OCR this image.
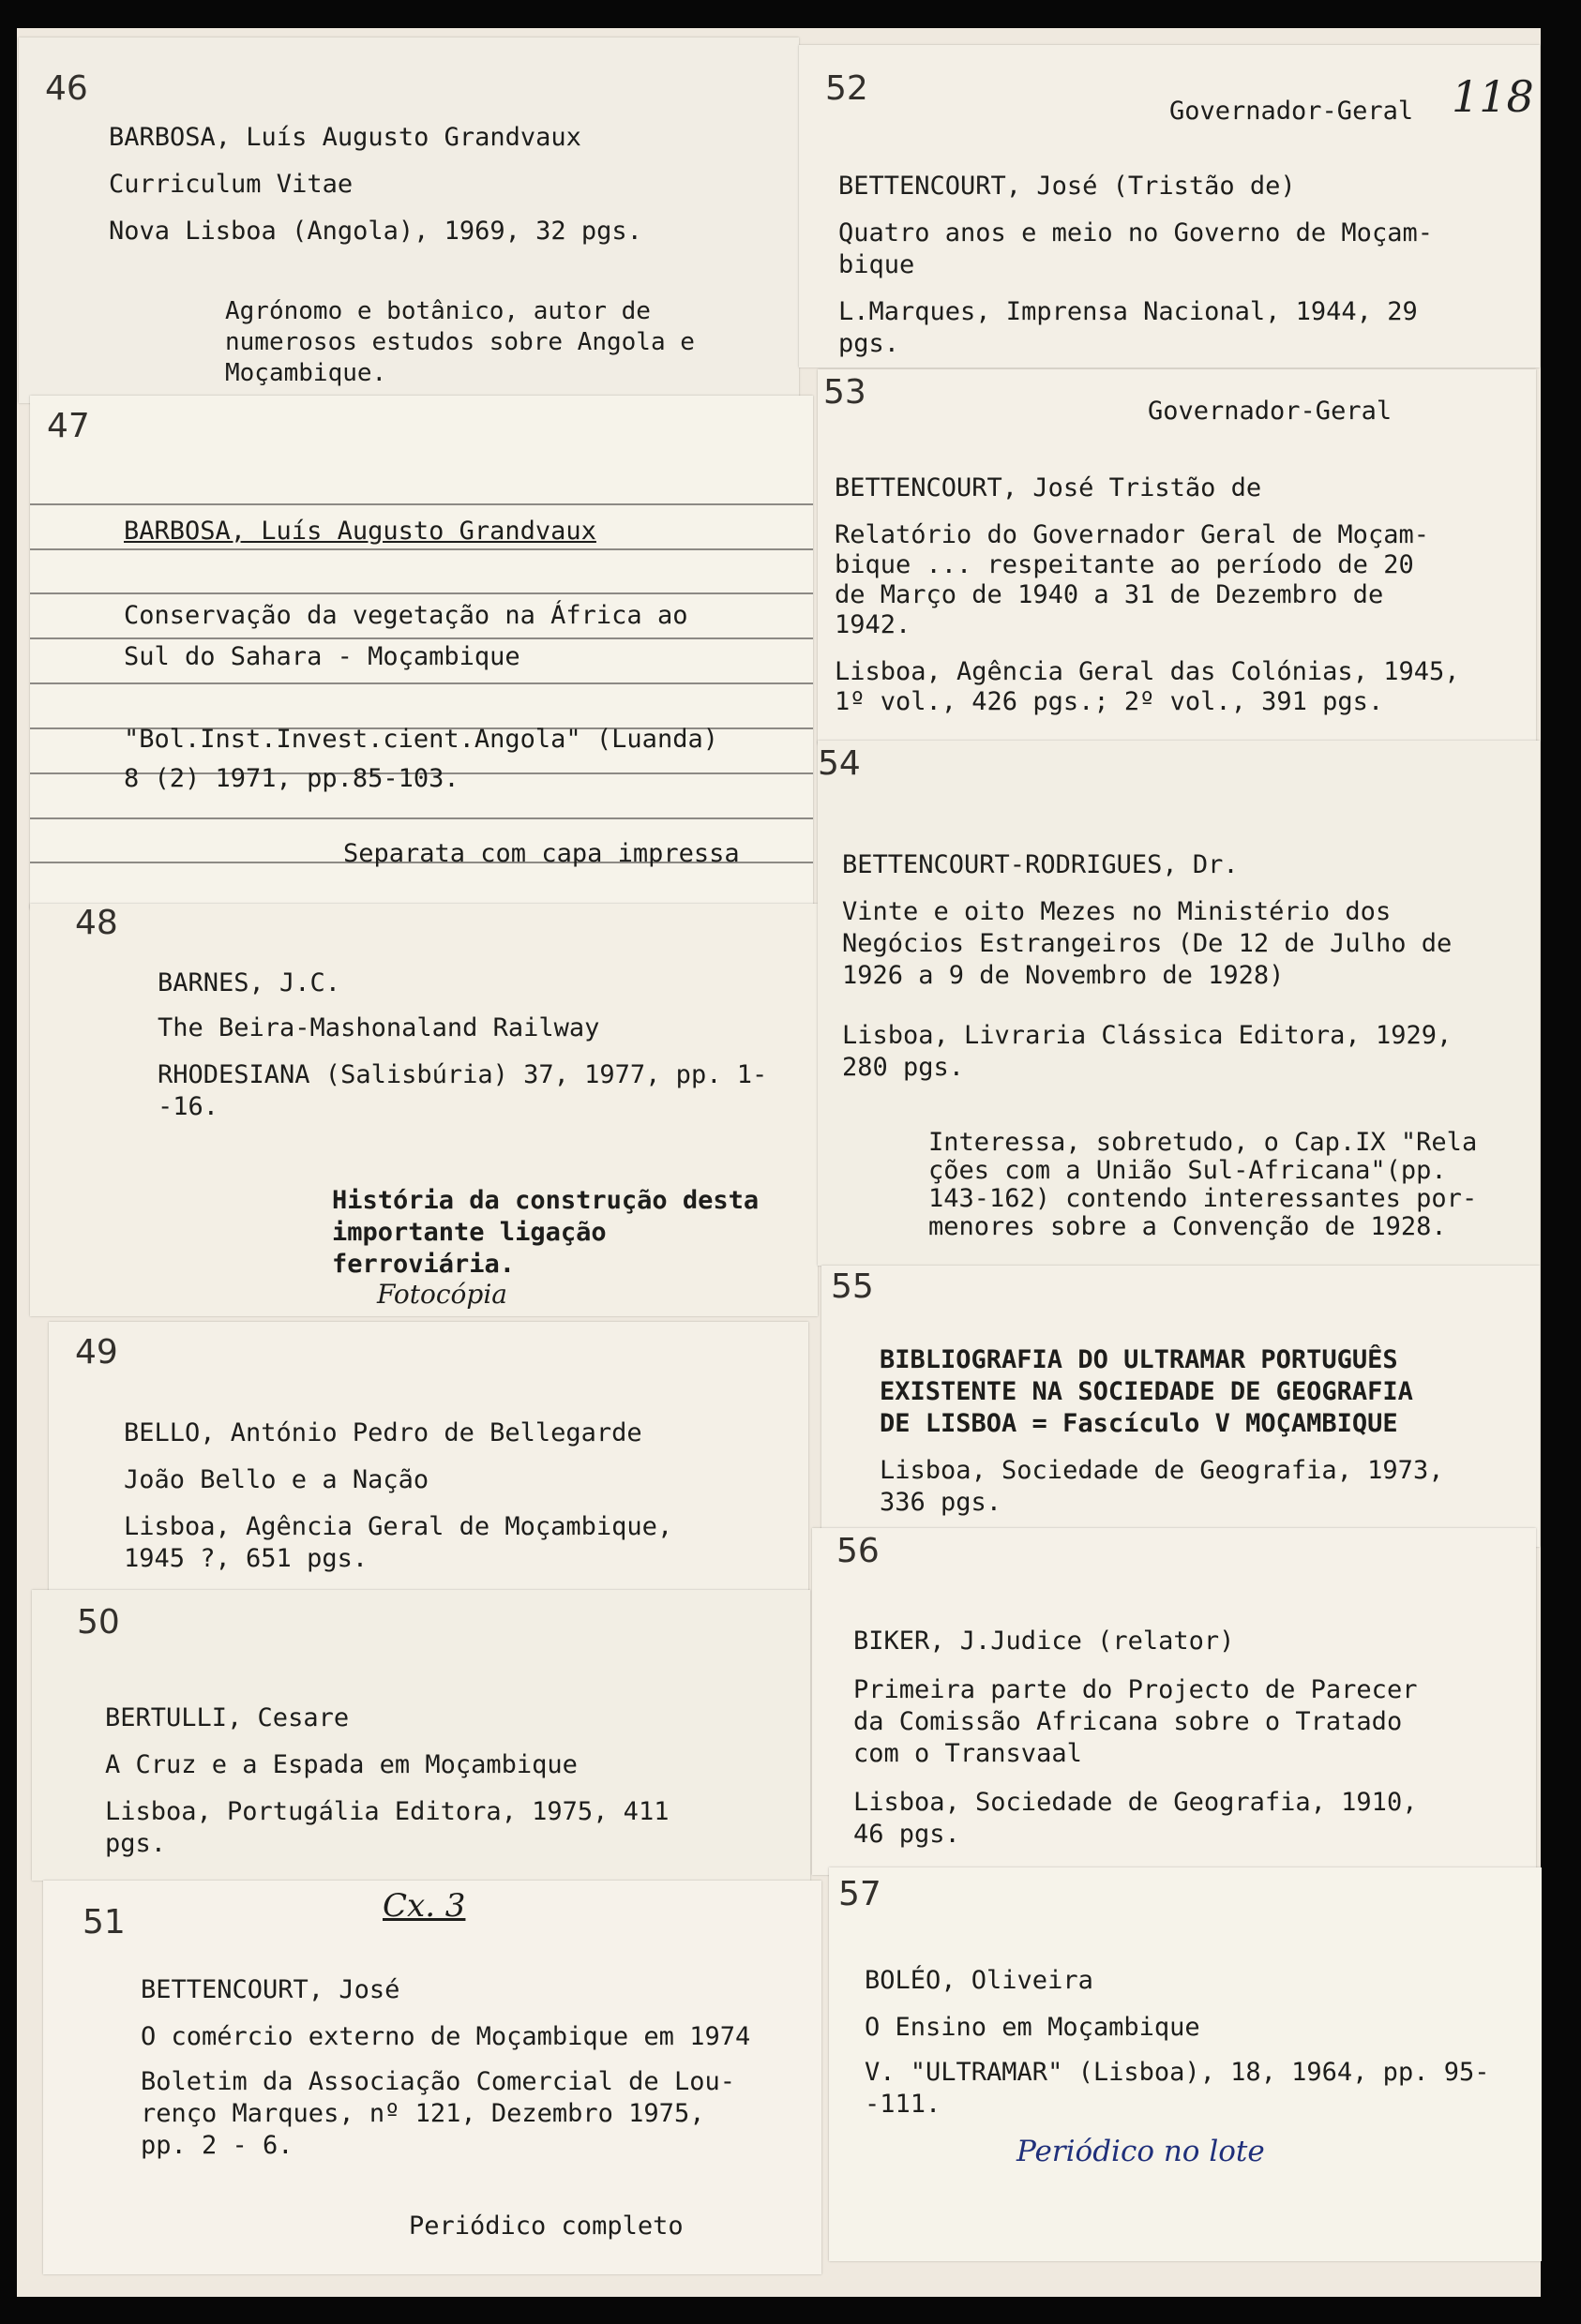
46
BARBOSA, Luís Augusto Grandvaux
Curriculum Vitae
Nova Lisboa (Angola), 1969, 32 pgs.
Agrónomo e botânico, autor de numerosos estudos sobre Angola e Moçambique.
47
BARBOSA, Luís Augusto Grandvaux
Conservação da vegetação na África ao
Sul do Sahara - Moçambique
"Bol.Inst.Invest.cient.Angola" (Luanda)
8 (2) 1971, pp.85-103.
Separata com capa impressa
48
BARNES, J.C.
The Beira-Mashonaland Railway
RHODESIANA (Salisbúria) 37, 1977, pp. 1-
-16.
História da construção desta importante ligação ferroviária.
Fotocópia
49
BELLO, António Pedro de Bellegarde
João Bello e a Nação
Lisboa, Agência Geral de Moçambique,
1945 ?, 651 pgs.
50
BERTULLI, Cesare
A Cruz e a Espada em Moçambique
Lisboa, Portugália Editora, 1975, 411
pgs.
51	Cx. 3
BETTENCOURT, José
O comércio externo de Moçambique em 1974
Boletim da Associação Comercial de Lou-
renço Marques, nº 121, Dezembro 1975,
pp. 2 - 6.
Periódico completo
52
Governador-Geral
BETTENCOURT, José (Tristão de)
Quatro anos e meio no Governo de Moçam-
bique
L.Marques, Imprensa Nacional, 1944, 29
pgs.
118
53	Governador-Geral
BETTENCOURT, José Tristão de
Relatório do Governador Geral de Moçam-
bique ... respeitante ao período de 20
de Março de 1940 a 31 de Dezembro de
1942.
Lisboa, Agência Geral das Colónias, 1945,
1º vol., 426 pgs.; 2º vol., 391 pgs.
54
BETTENCOURT-RODRIGUES, Dr.
Vinte e oito Mezes no Ministério dos
Negócios Estrangeiros (De 12 de Julho de
1926 a 9 de Novembro de 1928)
Lisboa, Livraria Clássica Editora, 1929,
280 pgs.
Interessa, sobretudo, o Cap.IX "Rela
ções com a União Sul-Africana"(pp.
143-162) contendo interessantes por-
menores sobre a Convenção de 1928.
55
BIBLIOGRAFIA DO ULTRAMAR PORTUGUÊS
EXISTENTE NA SOCIEDADE DE GEOGRAFIA
DE LISBOA = Fascículo V MOÇAMBIQUE
Lisboa, Sociedade de Geografia, 1973,
336 pgs.
56
BIKER, J.Judice (relator)
Primeira parte do Projecto de Parecer
da Comissão Africana sobre o Tratado
com o Transvaal
Lisboa, Sociedade de Geografia, 1910,
46 pgs.
57
BOLÉO, Oliveira
O Ensino em Moçambique
V. "ULTRAMAR" (Lisboa), 18, 1964, pp. 95-
-111.
Periódico no lote
